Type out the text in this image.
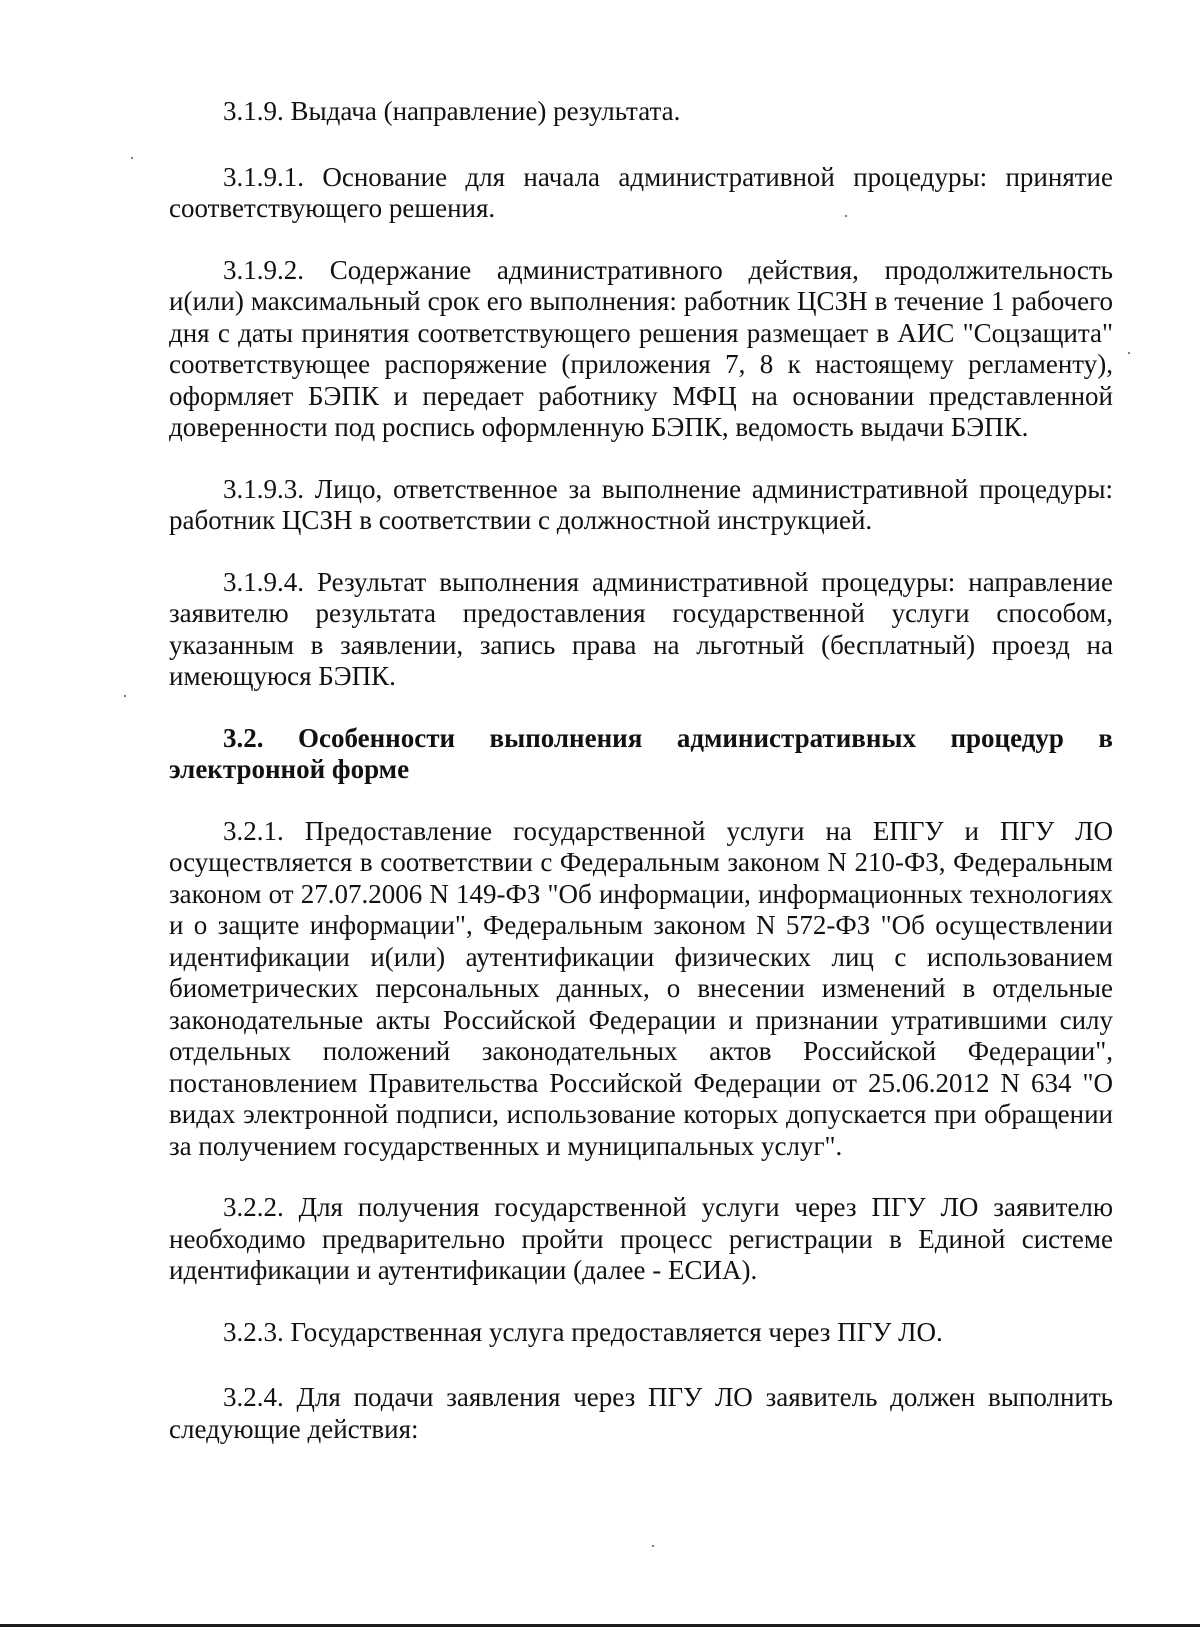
3.1.9. Выдача (направление) результата.

3.1.9.1. Основание для начала административной процедуры: принятие соответствующего решения.

3.1.9.2. Содержание административного действия, продолжительность и(или) максимальный срок его выполнения: работник ЦСЗН в течение 1 рабочего дня с даты принятия соответствующего решения размещает в АИС "Соцзащита" соответствующее распоряжение (приложения 7, 8 к настоящему регламенту), оформляет БЭПК и передает работнику МФЦ на основании представленной доверенности под роспись оформленную БЭПК, ведомость выдачи БЭПК.

3.1.9.3. Лицо, ответственное за выполнение административной процедуры: работник ЦСЗН в соответствии с должностной инструкцией.

3.1.9.4. Результат выполнения административной процедуры: направление заявителю результата предоставления государственной услуги способом, указанным в заявлении, запись права на льготный (бесплатный) проезд на имеющуюся БЭПК.

3.2. Особенности выполнения административных процедур в электронной форме

3.2.1. Предоставление государственной услуги на ЕПГУ и ПГУ ЛО осуществляется в соответствии с Федеральным законом N 210-ФЗ, Федеральным законом от 27.07.2006 N 149-ФЗ "Об информации, информационных технологиях и о защите информации", Федеральным законом N 572-ФЗ "Об осуществлении идентификации и(или) аутентификации физических лиц с использованием биометрических персональных данных, о внесении изменений в отдельные законодательные акты Российской Федерации и признании утратившими силу отдельных положений законодательных актов Российской Федерации", постановлением Правительства Российской Федерации от 25.06.2012 N 634 "О видах электронной подписи, использование которых допускается при обращении за получением государственных и муниципальных услуг".

3.2.2. Для получения государственной услуги через ПГУ ЛО заявителю необходимо предварительно пройти процесс регистрации в Единой системе идентификации и аутентификации (далее - ЕСИА).

3.2.3. Государственная услуга предоставляется через ПГУ ЛО.

3.2.4. Для подачи заявления через ПГУ ЛО заявитель должен выполнить следующие действия:
